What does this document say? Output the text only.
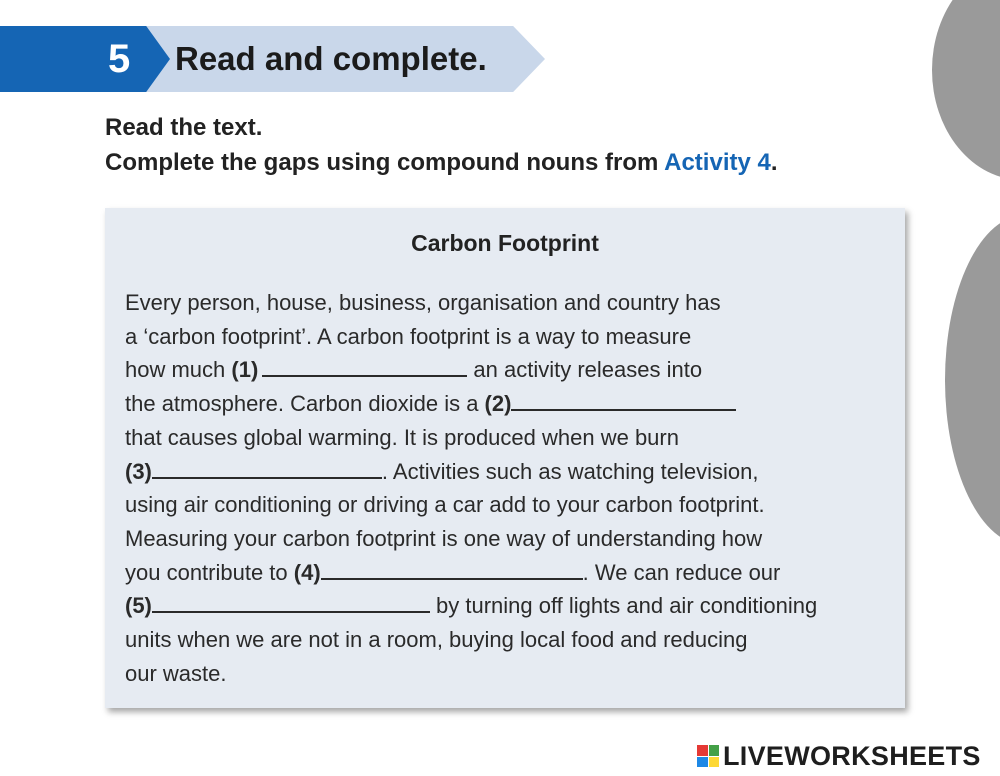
5	Read and complete.
Read the text.
Complete the gaps using compound nouns from Activity 4.
Carbon Footprint
Every person, house, business, organisation and country has
a ‘carbon footprint’. A carbon footprint is a way to measure
how much (1)	an activity releases into
the atmosphere. Carbon dioxide is a (2)
that causes global warming. It is produced when we burn
(3)	. Activities such as watching television,
using air conditioning or driving a car add to your carbon footprint.
Measuring your carbon footprint is one way of understanding how
you contribute to (4)	. We can reduce our
(5)	by turning off lights and air conditioning
units when we are not in a room, buying local food and reducing
our waste.
LIVEWORKSHEETS
